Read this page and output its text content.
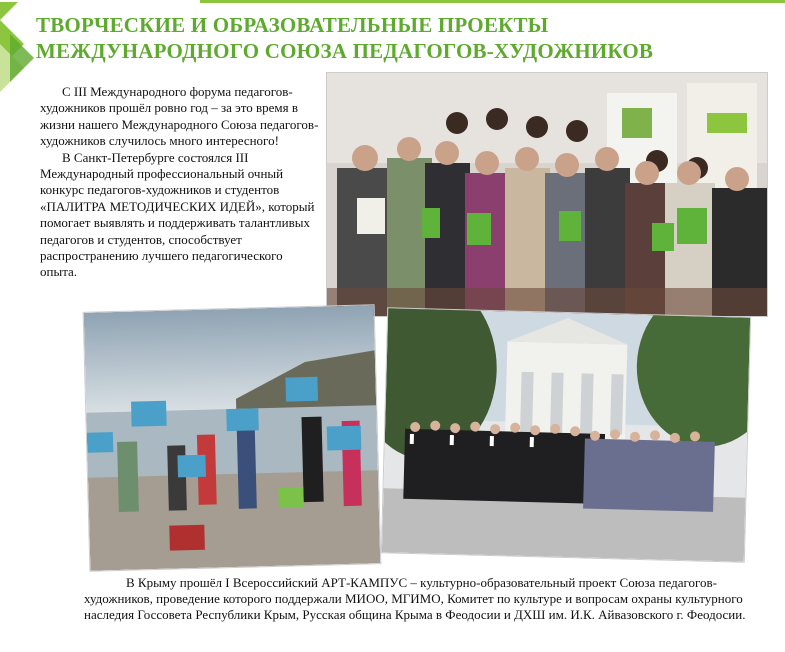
ТВОРЧЕСКИЕ И ОБРАЗОВАТЕЛЬНЫЕ ПРОЕКТЫ МЕЖДУНАРОДНОГО СОЮЗА ПЕДАГОГОВ-ХУДОЖНИКОВ

С III Международного форума педагогов-художников прошёл ровно год – за это время в жизни нашего Международного Союза педагогов-художников случилось много интересного!

В Санкт-Петербурге состоялся III Международный профессиональный очный конкурс педагогов-художников и студентов «ПАЛИТРА МЕТОДИЧЕСКИХ ИДЕЙ», который помогает выявлять и поддерживать талантливых педагогов и студентов, способствует распространению лучшего педагогического опыта.

В Крыму прошёл I Всероссийский АРТ-КАМПУС – культурно-образовательный проект Союза педагогов-художников, проведение которого поддержали МИОО, МГИМО, Комитет по культуре и вопросам охраны культурного наследия Госсовета Республики Крым, Русская община Крыма в Феодосии и ДХШ им. И.К. Айвазовского г. Феодосии.
